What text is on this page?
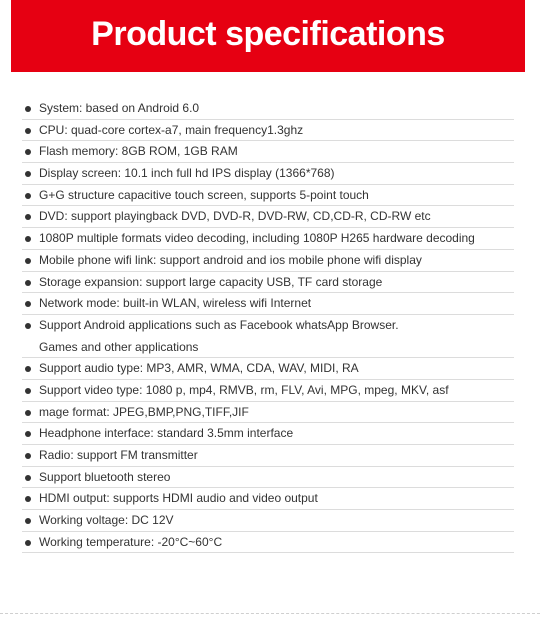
Product specifications
System: based on Android 6.0
CPU: quad-core cortex-a7, main frequency1.3ghz
Flash memory: 8GB ROM, 1GB RAM
Display screen: 10.1 inch full hd IPS display (1366*768)
G+G structure capacitive touch screen, supports 5-point touch
DVD: support playingback DVD, DVD-R, DVD-RW, CD,CD-R, CD-RW etc
1080P multiple formats video decoding, including 1080P H265 hardware decoding
Mobile phone wifi link: support android and ios mobile phone wifi display
Storage expansion: support large capacity USB, TF card storage
Network mode: built-in WLAN, wireless wifi Internet
Support Android applications such as Facebook whatsApp Browser.
Games and other applications
Support audio type: MP3, AMR, WMA, CDA, WAV, MIDI, RA
Support video type: 1080 p, mp4, RMVB, rm, FLV, Avi, MPG, mpeg, MKV, asf
mage format: JPEG,BMP,PNG,TIFF,JIF
Headphone interface: standard 3.5mm interface
Radio: support FM transmitter
Support bluetooth stereo
HDMI output: supports HDMI audio and video output
Working voltage: DC 12V
Working temperature: -20°C~60°C
